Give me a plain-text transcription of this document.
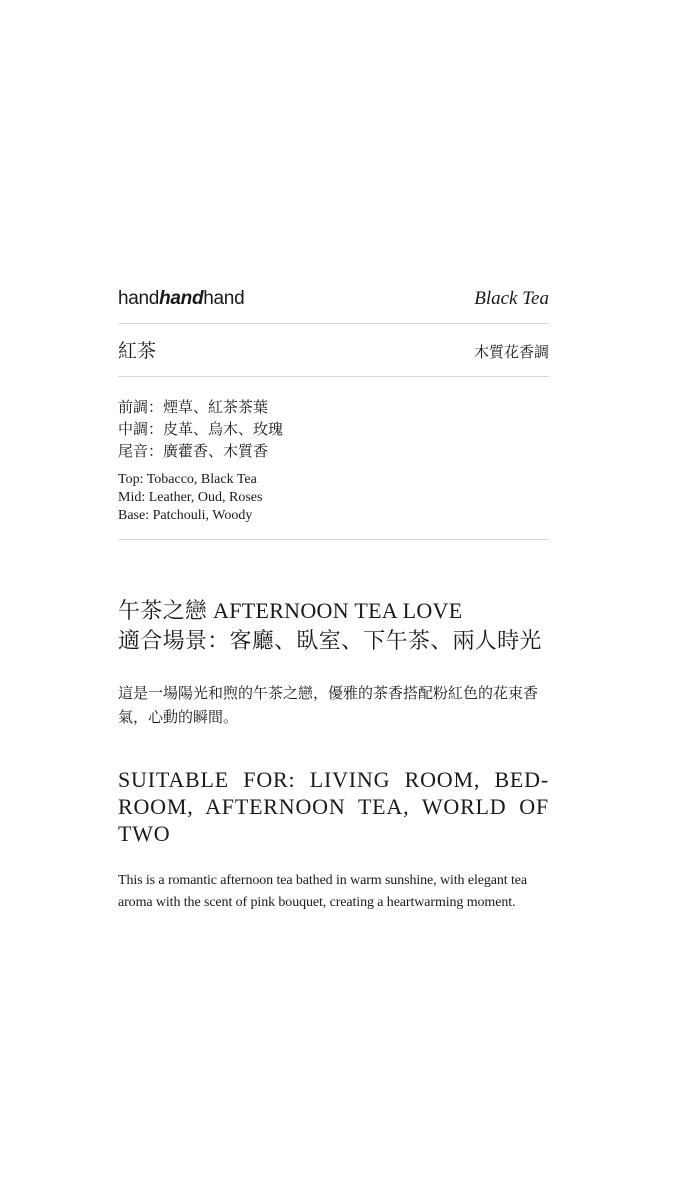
handhandhand	Black Tea
紅茶	木質花香調
前調：煙草、紅茶茶葉
中調：皮革、烏木、玫瑰
尾音：廣藿香、木質香
Top: Tobacco, Black Tea
Mid: Leather, Oud, Roses
Base: Patchouli, Woody
午茶之戀 AFTERNOON TEA LOVE
適合場景：客廳、臥室、下午茶、兩人時光
這是一場陽光和煦的午茶之戀，優雅的茶香搭配粉紅色的花束香氣，心動的瞬間。
SUITABLE FOR: LIVING ROOM, BED-ROOM, AFTERNOON TEA, WORLD OF TWO
This is a romantic afternoon tea bathed in warm sunshine, with elegant tea aroma with the scent of pink bouquet, creating a heartwarming moment.
